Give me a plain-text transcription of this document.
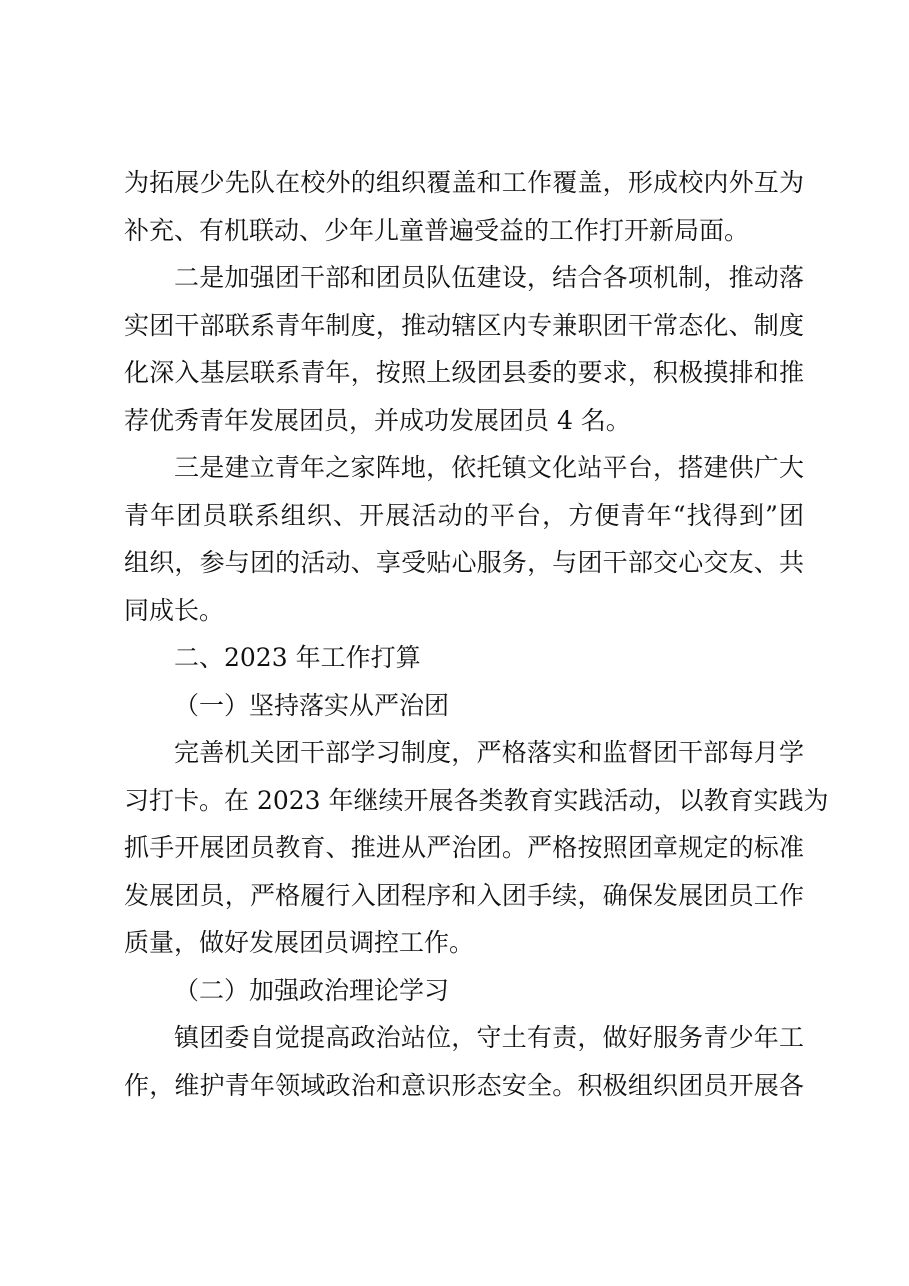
为拓展少先队在校外的组织覆盖和工作覆盖，形成校内外互为
补充、有机联动、少年儿童普遍受益的工作打开新局面。
二是加强团干部和团员队伍建设，结合各项机制，推动落
实团干部联系青年制度，推动辖区内专兼职团干常态化、制度
化深入基层联系青年，按照上级团县委的要求，积极摸排和推
荐优秀青年发展团员，并成功发展团员 4 名。
三是建立青年之家阵地，依托镇文化站平台，搭建供广大
青年团员联系组织、开展活动的平台，方便青年“找得到”团
组织，参与团的活动、享受贴心服务，与团干部交心交友、共
同成长。
二、2023 年工作打算
（一）坚持落实从严治团
完善机关团干部学习制度，严格落实和监督团干部每月学
习打卡。在 2023 年继续开展各类教育实践活动，以教育实践为
抓手开展团员教育、推进从严治团。严格按照团章规定的标准
发展团员，严格履行入团程序和入团手续，确保发展团员工作
质量，做好发展团员调控工作。
（二）加强政治理论学习
镇团委自觉提高政治站位，守土有责，做好服务青少年工
作，维护青年领域政治和意识形态安全。积极组织团员开展各
